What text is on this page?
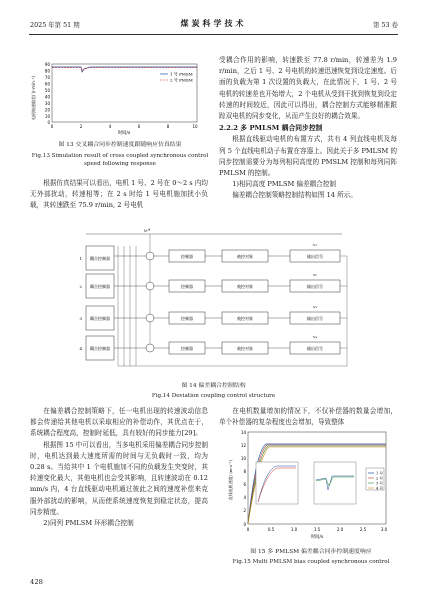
2025 年第 51 期	煤炭科学技术	第 53 卷
电机转速偏差/ (r·min⁻¹)
90
80
70
60
50
40
30
20
10
0
0	2	4	6	8	10
时间/s
1 号 PMSM
2 号 PMSM
图 13 交叉耦合同步控制速度跟随响应仿真结果
Fig.13 Simulation result of cross coupled synchronous control
speed following response

根据仿真结果可以看出，电机 1 号、2 号在 0～2 s 内均无外部扰动，转速相等；在 2 s 时给 1 号电机施加扰小负载，其转速跌至 75.9 r/min, 2 号电机

受耦合作用的影响，转速跌至 77.8 r/min，转速差为 1.9 r/min，之后 1 号、2 号电机的转速迅速恢复到设定速度。后面的负载为第 1 次设置的负载大，在此情况下，1 号、2 号电机的转速差也开始增大，2 个电机从受到干扰到恢复到设定转速的时间较近，因此可以得出，耦合控制方式能够精准跟踪双电机的同步变化，从而产生良好的耦合效果。

2.2.2 多 PMLSM 耦合同步控制

根据直线驱动电机的布置方式，共有 4 列直线电机及每列 5 个直线电机动子布置在容器上。因此关于多 PMLSM 的同步控制需要分为每列相同高度的 PMSLM 控制和每列同阵 PMLSM 的控制。

1)相同高度 PMLSM 偏差耦合控制

偏差耦合控制策略控制结构如图 14 所示。

vᵣ*
耦合控制器
1	控制器	被控对象	输出信号
v₁
耦合控制器
2	控制器	被控对象	输出信号
v₂
耦合控制器
3	控制器	被控对象	输出信号
v₃
耦合控制器
4	控制器	被控对象	输出信号
v₄
图 14 偏差耦合控制结构
Fig.14 Deviation coupling control structure

在偏差耦合控制策略下，任一电机出现的转速波动信息都会传递给其他电机以采取相应的补偿动作，其优点在于，系统耦合程度高，控制时延低，具有较好的同步能力[29]。

根据图 15 中可以看出，当多电机采用偏差耦合同步控制时，电机达到最大速度所需的时间与无负载时一致，均为 0.28 s。当给其中 1 个电机施加不同的负载发生突变时，其转速变化最大，其他电机也会受其影响，且转速波动在 0.12 mm/s 内，4 台直线驱动电机通过彼此之间的速度补偿来克服外部扰动的影响，从而使系统速度恢复到稳定状态，提高同步精度。

2)同列 PMLSM 环形耦合控制

在电机数量增加的情况下，不仅补偿器的数量会增加，单个补偿器的复杂程度也会增加，导致整体

直线电机速度/ (m·s⁻¹)
14
12
10
8
6
4
2
0
0	0.5	1.0	1.5	2.0	2.5	3.0
时间/s
1 号
2 号
3 号
4 号
图 15 多 PMLSM 偏差耦合同步控制速度响应
Fig.15 Multi PMLSM bias coupled synchronous control
428
